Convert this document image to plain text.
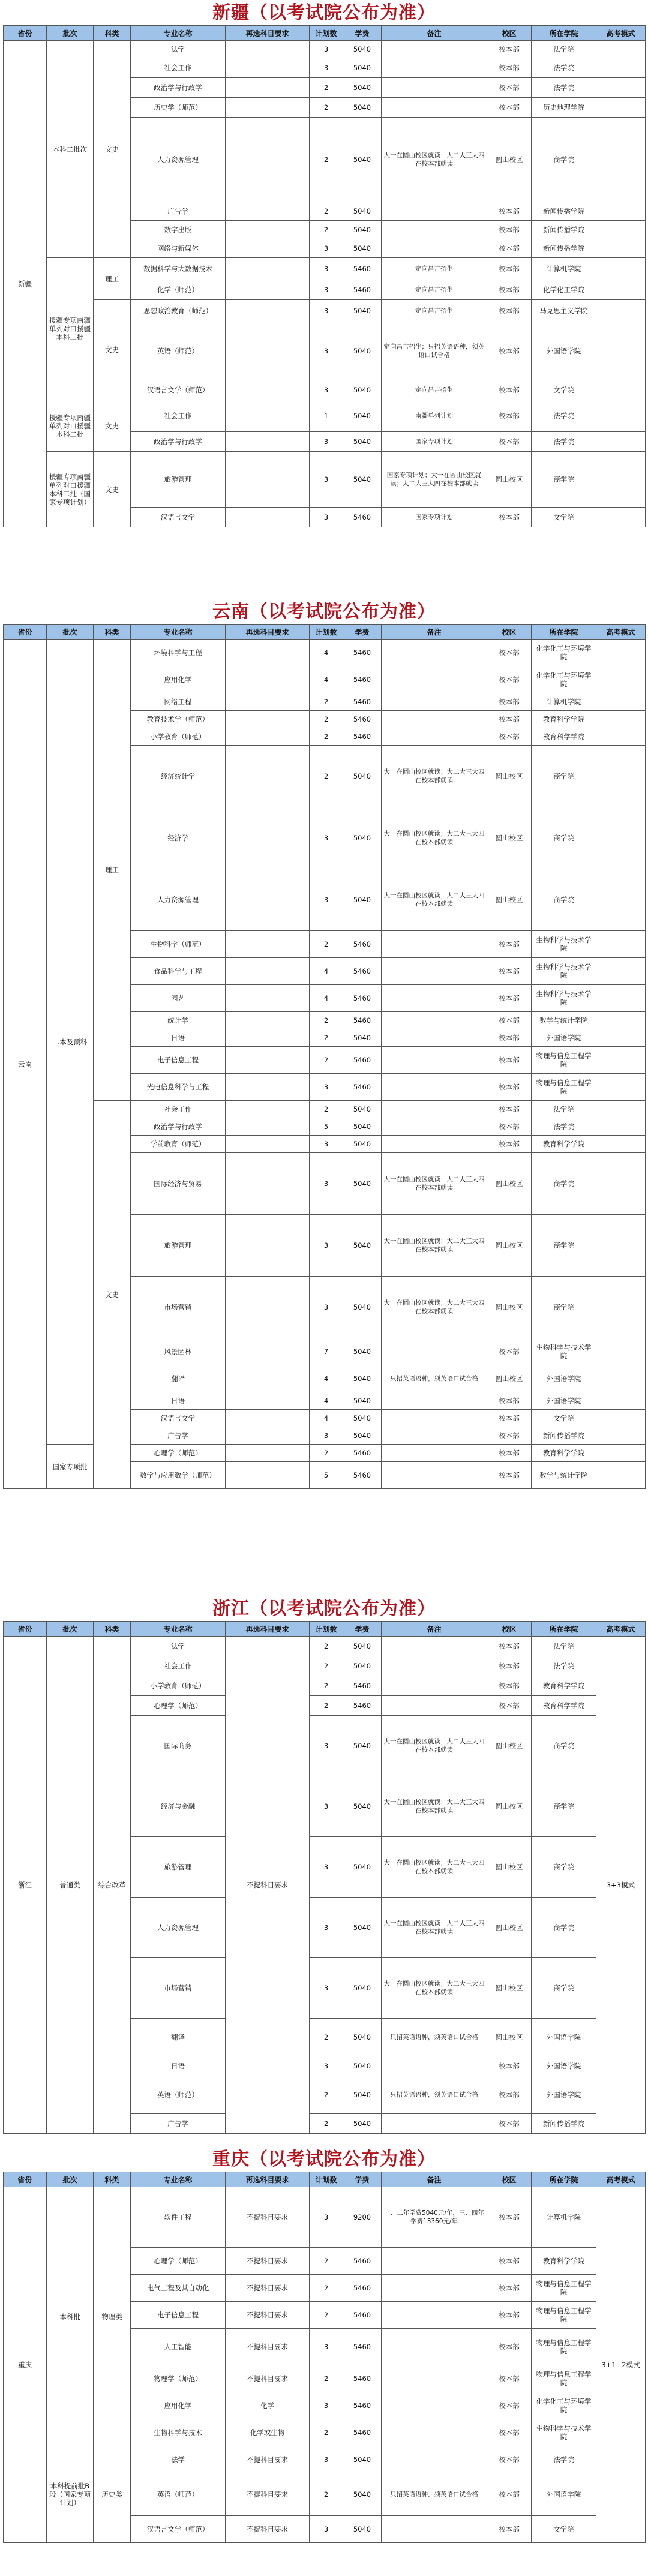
新疆（以考试院公布为准）
省份	批次	科类	专业名称	再选科目要求	计划数	学费	备注	校区	所在学院	高考模式
新疆	本科二批次	文史	法学		3	5040		校本部	法学院	
			社会工作		3	5040		校本部	法学院	
			政治学与行政学		2	5040		校本部	法学院	
			历史学（师范）		2	5040		校本部	历史地理学院	
			人力资源管理		2	5040	大一在圆山校区就读；大二大三大四在校本部就读	圆山校区	商学院	
			广告学		2	5040		校本部	新闻传播学院	
			数字出版		2	5040		校本部	新闻传播学院	
			网络与新媒体		3	5040		校本部	新闻传播学院	
	援疆专项南疆单列对口援疆本科二批	理工	数据科学与大数据技术		3	5460	定向昌吉招生	校本部	计算机学院	
			化学（师范）		3	5460	定向昌吉招生	校本部	化学化工学院	
		文史	思想政治教育（师范）		3	5040	定向昌吉招生	校本部	马克思主义学院	
			英语（师范）		3	5040	定向昌吉招生；只招英语语种，须英语口试合格	校本部	外国语学院	
			汉语言文学（师范）		3	5040	定向昌吉招生	校本部	文学院	
	援疆专项南疆单列对口援疆本科二批	文史	社会工作		1	5040	南疆单列计划	校本部	法学院	
			政治学与行政学		3	5040	国家专项计划	校本部	法学院	
	援疆专项南疆单列对口援疆本科二批（国家专项计划）	文史	旅游管理		3	5040	国家专项计划；大一在圆山校区就读；大二大三大四在校本部就读	圆山校区	商学院	
			汉语言文学		3	5460	国家专项计划	校本部	文学院	
云南（以考试院公布为准）
省份	批次	科类	专业名称	再选科目要求	计划数	学费	备注	校区	所在学院	高考模式
云南	二本及预科	理工	环境科学与工程		4	5460		校本部	化学化工与环境学院	
			应用化学		4	5460		校本部	化学化工与环境学院	
			网络工程		2	5460		校本部	计算机学院	
			教育技术学（师范）		2	5460		校本部	教育科学学院	
			小学教育（师范）		2	5460		校本部	教育科学学院	
			经济统计学		2	5040	大一在圆山校区就读；大二大三大四在校本部就读	圆山校区	商学院	
			经济学		3	5040	大一在圆山校区就读；大二大三大四在校本部就读	圆山校区	商学院	
			人力资源管理		3	5040	大一在圆山校区就读；大二大三大四在校本部就读	圆山校区	商学院	
			生物科学（师范）		2	5460		校本部	生物科学与技术学院	
			食品科学与工程		4	5460		校本部	生物科学与技术学院	
			园艺		4	5460		校本部	生物科学与技术学院	
			统计学		2	5460		校本部	数学与统计学院	
			日语		2	5040		校本部	外国语学院	
			电子信息工程		2	5460		校本部	物理与信息工程学院	
			光电信息科学与工程		3	5460		校本部	物理与信息工程学院	
		文史	社会工作		2	5040		校本部	法学院	
			政治学与行政学		5	5040		校本部	法学院	
			学前教育（师范）		3	5040		校本部	教育科学学院	
			国际经济与贸易		3	5040	大一在圆山校区就读；大二大三大四在校本部就读	圆山校区	商学院	
			旅游管理		3	5040	大一在圆山校区就读；大二大三大四在校本部就读	圆山校区	商学院	
			市场营销		3	5040	大一在圆山校区就读；大二大三大四在校本部就读	圆山校区	商学院	
			风景园林		7	5040		校本部	生物科学与技术学院	
			翻译		4	5040	只招英语语种，须英语口试合格	圆山校区	外国语学院	
			日语		4	5040		校本部	外国语学院	
			汉语言文学		4	5040		校本部	文学院	
			广告学		3	5040		校本部	新闻传播学院	
	国家专项批		心理学（师范）		2	5460		校本部	教育科学学院	
			数学与应用数学（师范）		5	5460		校本部	数学与统计学院	
浙江（以考试院公布为准）
省份	批次	科类	专业名称	再选科目要求	计划数	学费	备注	校区	所在学院	高考模式
浙江	普通类	综合改革	法学	不提科目要求	2	5040		校本部	法学院	3+3模式
			社会工作		2	5040		校本部	法学院	
			小学教育（师范）		2	5460		校本部	教育科学学院	
			心理学（师范）		2	5460		校本部	教育科学学院	
			国际商务		3	5040	大一在圆山校区就读；大二大三大四在校本部就读	圆山校区	商学院	
			经济与金融		3	5040	大一在圆山校区就读；大二大三大四在校本部就读	圆山校区	商学院	
			旅游管理		3	5040	大一在圆山校区就读；大二大三大四在校本部就读	圆山校区	商学院	
			人力资源管理		3	5040	大一在圆山校区就读；大二大三大四在校本部就读	圆山校区	商学院	
			市场营销		3	5040	大一在圆山校区就读；大二大三大四在校本部就读	圆山校区	商学院	
			翻译		2	5040	只招英语语种，须英语口试合格	圆山校区	外国语学院	
			日语		3	5040		校本部	外国语学院	
			英语（师范）		2	5040	只招英语语种，须英语口试合格	校本部	外国语学院	
			广告学		2	5040		校本部	新闻传播学院	
重庆（以考试院公布为准）
省份	批次	科类	专业名称	再选科目要求	计划数	学费	备注	校区	所在学院	高考模式
重庆	本科批	物理类	软件工程	不提科目要求	3	9200	一、二年学费5040元/年，三、四年学费13360元/年	校本部	计算机学院	3+1+2模式
			心理学（师范）	不提科目要求	2	5460		校本部	教育科学学院	
			电气工程及其自动化	不提科目要求	2	5460		校本部	物理与信息工程学院	
			电子信息工程	不提科目要求	2	5460		校本部	物理与信息工程学院	
			人工智能	不提科目要求	3	5460		校本部	物理与信息工程学院	
			物理学（师范）	不提科目要求	2	5460		校本部	物理与信息工程学院	
			应用化学	化学	3	5460		校本部	化学化工与环境学院	
			生物科学与技术	化学或生物	2	5460		校本部	生物科学与技术学院	
	本科提前批B段（国家专项计划）	历史类	法学	不提科目要求	3	5040		校本部	法学院	
			英语（师范）	不提科目要求	2	5040	只招英语语种，须英语口试合格	校本部	外国语学院	
			汉语言文学（师范）	不提科目要求	3	5040		校本部	文学院	
